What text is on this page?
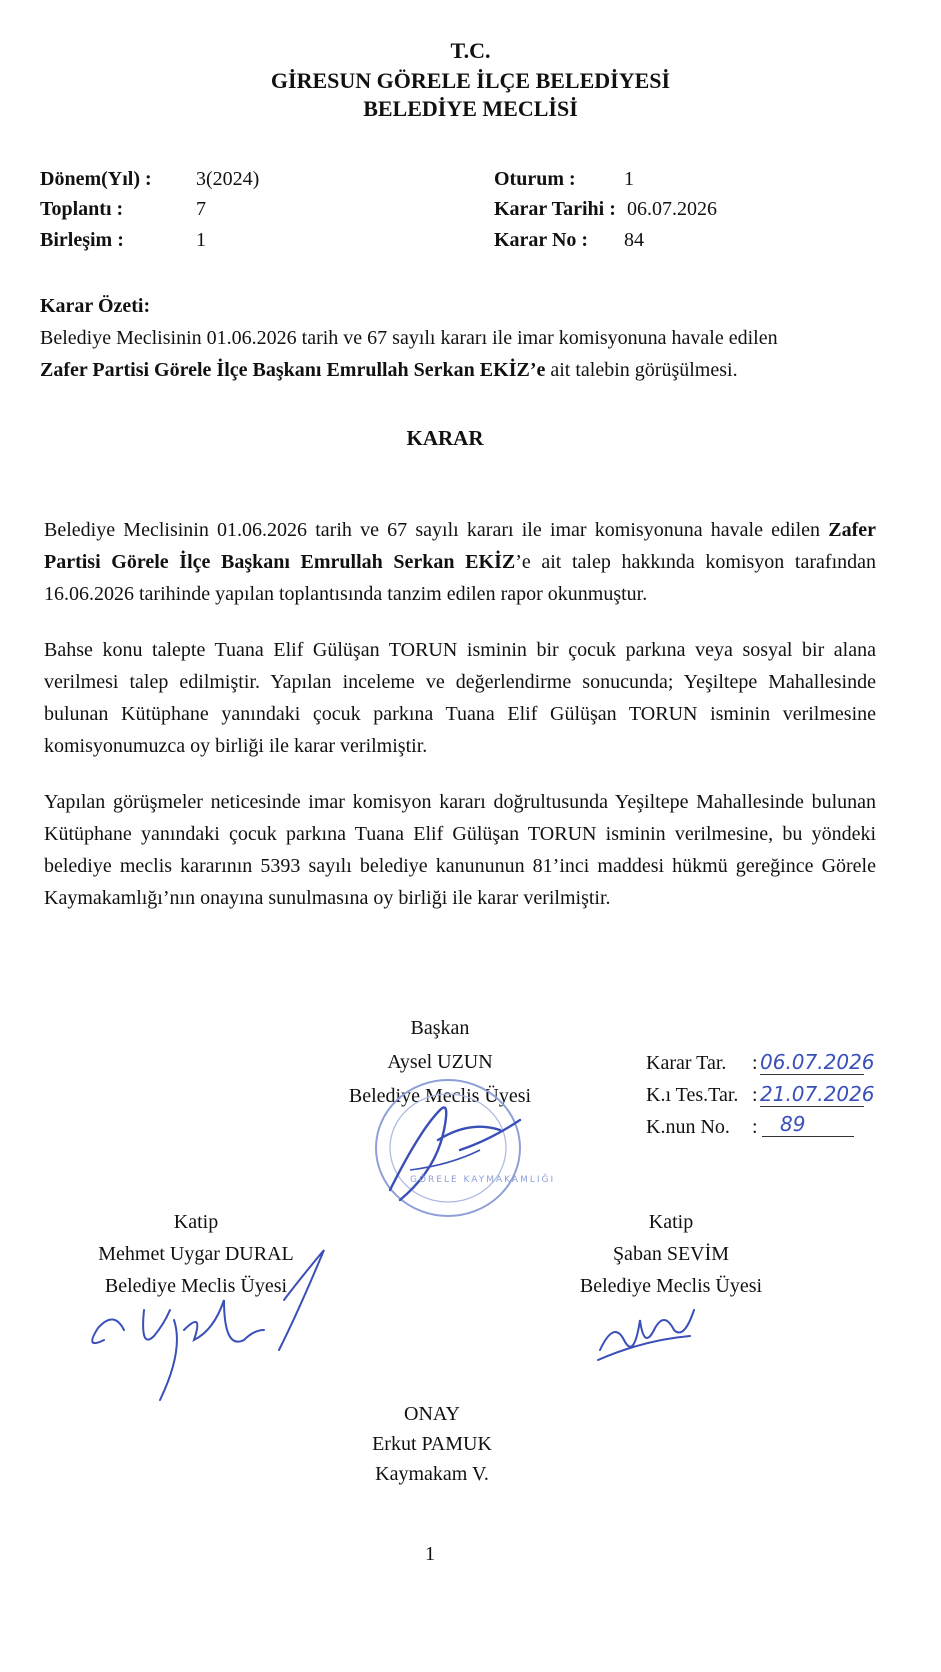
T.C.
GİRESUN GÖRELE İLÇE BELEDİYESİ
BELEDİYE MECLİSİ
Dönem(Yıl) : 3(2024)
Toplantı :	7
Birleşim :	1
Oturum : 1
Karar Tarihi : 06.07.2026
Karar No : 84
Karar Özeti:
Belediye Meclisinin 01.06.2026 tarih ve 67 sayılı kararı ile imar komisyonuna havale edilen
Zafer Partisi Görele İlçe Başkanı Emrullah Serkan EKİZ’e ait talebin görüşülmesi.
KARAR
Belediye Meclisinin 01.06.2026 tarih ve 67 sayılı kararı ile imar komisyonuna havale edilen Zafer Partisi Görele İlçe Başkanı Emrullah Serkan EKİZ’e ait talep hakkında komisyon tarafından 16.06.2026 tarihinde yapılan toplantısında tanzim edilen rapor okunmuştur.
Bahse konu talepte Tuana Elif Gülüşan TORUN isminin bir çocuk parkına veya sosyal bir alana verilmesi talep edilmiştir. Yapılan inceleme ve değerlendirme sonucunda; Yeşiltepe Mahallesinde bulunan Kütüphane yanındaki çocuk parkına Tuana Elif Gülüşan TORUN isminin verilmesine komisyonumuzca oy birliği ile karar verilmiştir.
Yapılan görüşmeler neticesinde imar komisyon kararı doğrultusunda Yeşiltepe Mahallesinde bulunan Kütüphane yanındaki çocuk parkına Tuana Elif Gülüşan TORUN isminin verilmesine, bu yöndeki belediye meclis kararının 5393 sayılı belediye kanununun 81’inci maddesi hükmü gereğince Görele Kaymakamlığı’nın onayına sunulmasına oy birliği ile karar verilmiştir.
Başkan
Aysel UZUN
Belediye Meclis Üyesi
GÖRELE KAYMAKAMLIĞI
Karar Tar. : 06.07.2026
K.ı Tes.Tar. : 21.07.2026
K.nun No. :	89
Katip
Mehmet Uygar DURAL
Belediye Meclis Üyesi
Katip
Şaban SEVİM
Belediye Meclis Üyesi
ONAY
Erkut PAMUK
Kaymakam V.
1
